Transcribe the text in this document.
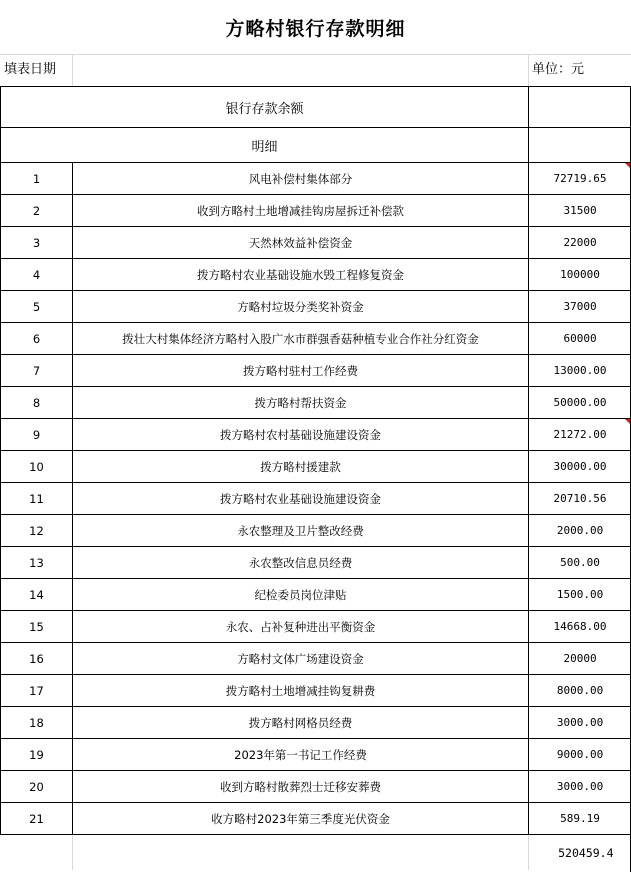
方略村银行存款明细
填表日期	单位：元
银行存款余额		
明细		
1	风电补偿村集体部分	72719.65

2	收到方略村土地增减挂钩房屋拆迁补偿款	31500
3	天然林效益补偿资金	22000
4	拨方略村农业基础设施水毁工程修复资金	100000
5	方略村垃圾分类奖补资金	37000
6	拨壮大村集体经济方略村入股广水市群强香菇种植专业合作社分红资金	60000
7	拨方略村驻村工作经费	13000.00
8	拨方略村帮扶资金	50000.00
9	拨方略村农村基础设施建设资金	21272.00

10	拨方略村援建款	30000.00
11	拨方略村农业基础设施建设资金	20710.56
12	永农整理及卫片整改经费	2000.00
13	永农整改信息员经费	500.00
14	纪检委员岗位津贴	1500.00
15	永农、占补复种进出平衡资金	14668.00
16	方略村文体广场建设资金	20000
17	拨方略村土地增减挂钩复耕费	8000.00
18	拨方略村网格员经费	3000.00
19	2023年第一书记工作经费	9000.00
20	收到方略村散葬烈士迁移安葬费	3000.00
21	收方略村2023年第三季度光伏资金	589.19
		520459.4
